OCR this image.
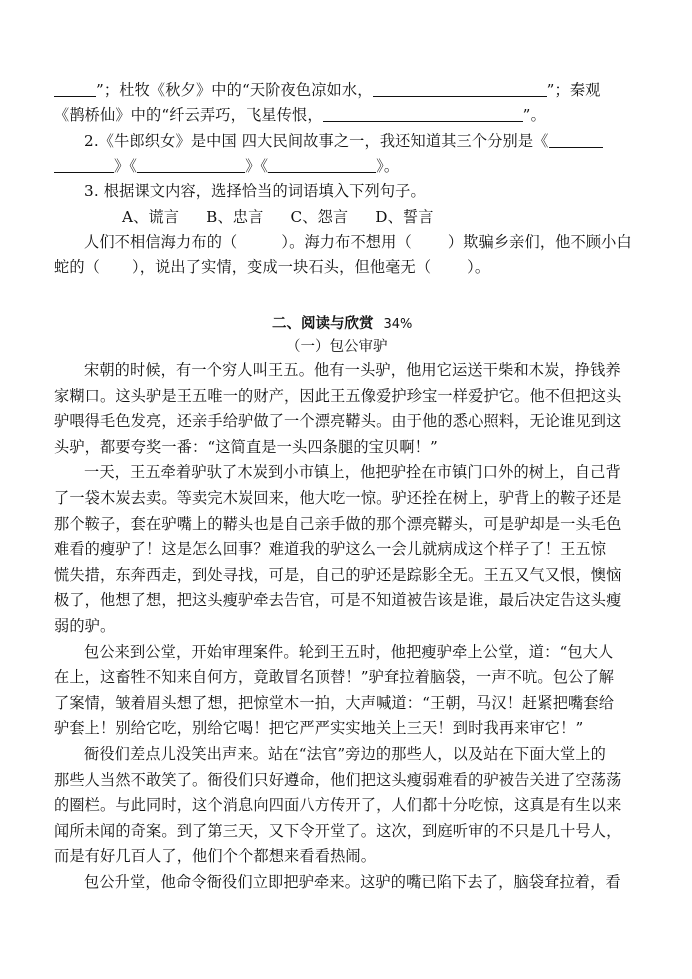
”；杜牧《秋夕》中的“天阶夜色凉如水，	”；秦观
《鹊桥仙》中的“纤云弄巧，飞星传恨，	”。
2.《牛郎织女》是中国 四大民间故事之一，我还知道其三个分别是《
》《	》《	》。
3. 根据课文内容，选择恰当的词语填入下列句子。
A、谎言 B、忠言 C、怨言 D、誓言
人们不相信海力布的（	）。海力布不想用（ ）欺骗乡亲们，他不顾小白
蛇的（ ），说出了实情，变成一块石头，但他毫无（ ）。
二、阅读与欣赏 34%
（一）包公审驴
宋朝的时候，有一个穷人叫王五。他有一头驴，他用它运送干柴和木炭，挣钱养
家糊口。这头驴是王五唯一的财产，因此王五像爱护珍宝一样爱护它。他不但把这头
驴喂得毛色发亮，还亲手给驴做了一个漂亮鞯头。由于他的悉心照料，无论谁见到这
头驴，都要夸奖一番：“这简直是一头四条腿的宝贝啊！”
一天，王五牵着驴驮了木炭到小市镇上，他把驴拴在市镇门口外的树上，自己背
了一袋木炭去卖。等卖完木炭回来，他大吃一惊。驴还拴在树上，驴背上的鞍子还是
那个鞍子，套在驴嘴上的鞯头也是自己亲手做的那个漂亮鞯头，可是驴却是一头毛色
难看的瘦驴了！这是怎么回事？难道我的驴这么一会儿就病成这个样子了！王五惊
慌失措，东奔西走，到处寻找，可是，自己的驴还是踪影全无。王五又气又恨，懊恼
极了，他想了想，把这头瘦驴牵去告官，可是不知道被告该是谁，最后决定告这头瘦
弱的驴。
包公来到公堂，开始审理案件。轮到王五时，他把瘦驴牵上公堂，道：“包大人
在上，这畜牲不知来自何方，竟敢冒名顶替！”驴耷拉着脑袋，一声不吭。包公了解
了案情，皱着眉头想了想，把惊堂木一拍，大声喊道：“王朝，马汉！赶紧把嘴套给
驴套上！别给它吃，别给它喝！把它严严实实地关上三天！到时我再来审它！”
衙役们差点儿没笑出声来。站在“法官”旁边的那些人，以及站在下面大堂上的
那些人当然不敢笑了。衙役们只好遵命，他们把这头瘦弱难看的驴被告关进了空荡荡
的圈栏。与此同时，这个消息向四面八方传开了，人们都十分吃惊，这真是有生以来
闻所未闻的奇案。到了第三天，又下令开堂了。这次，到庭听审的不只是几十号人，
而是有好几百人了，他们个个都想来看看热闹。
包公升堂，他命令衙役们立即把驴牵来。这驴的嘴已陷下去了，脑袋耷拉着，看
